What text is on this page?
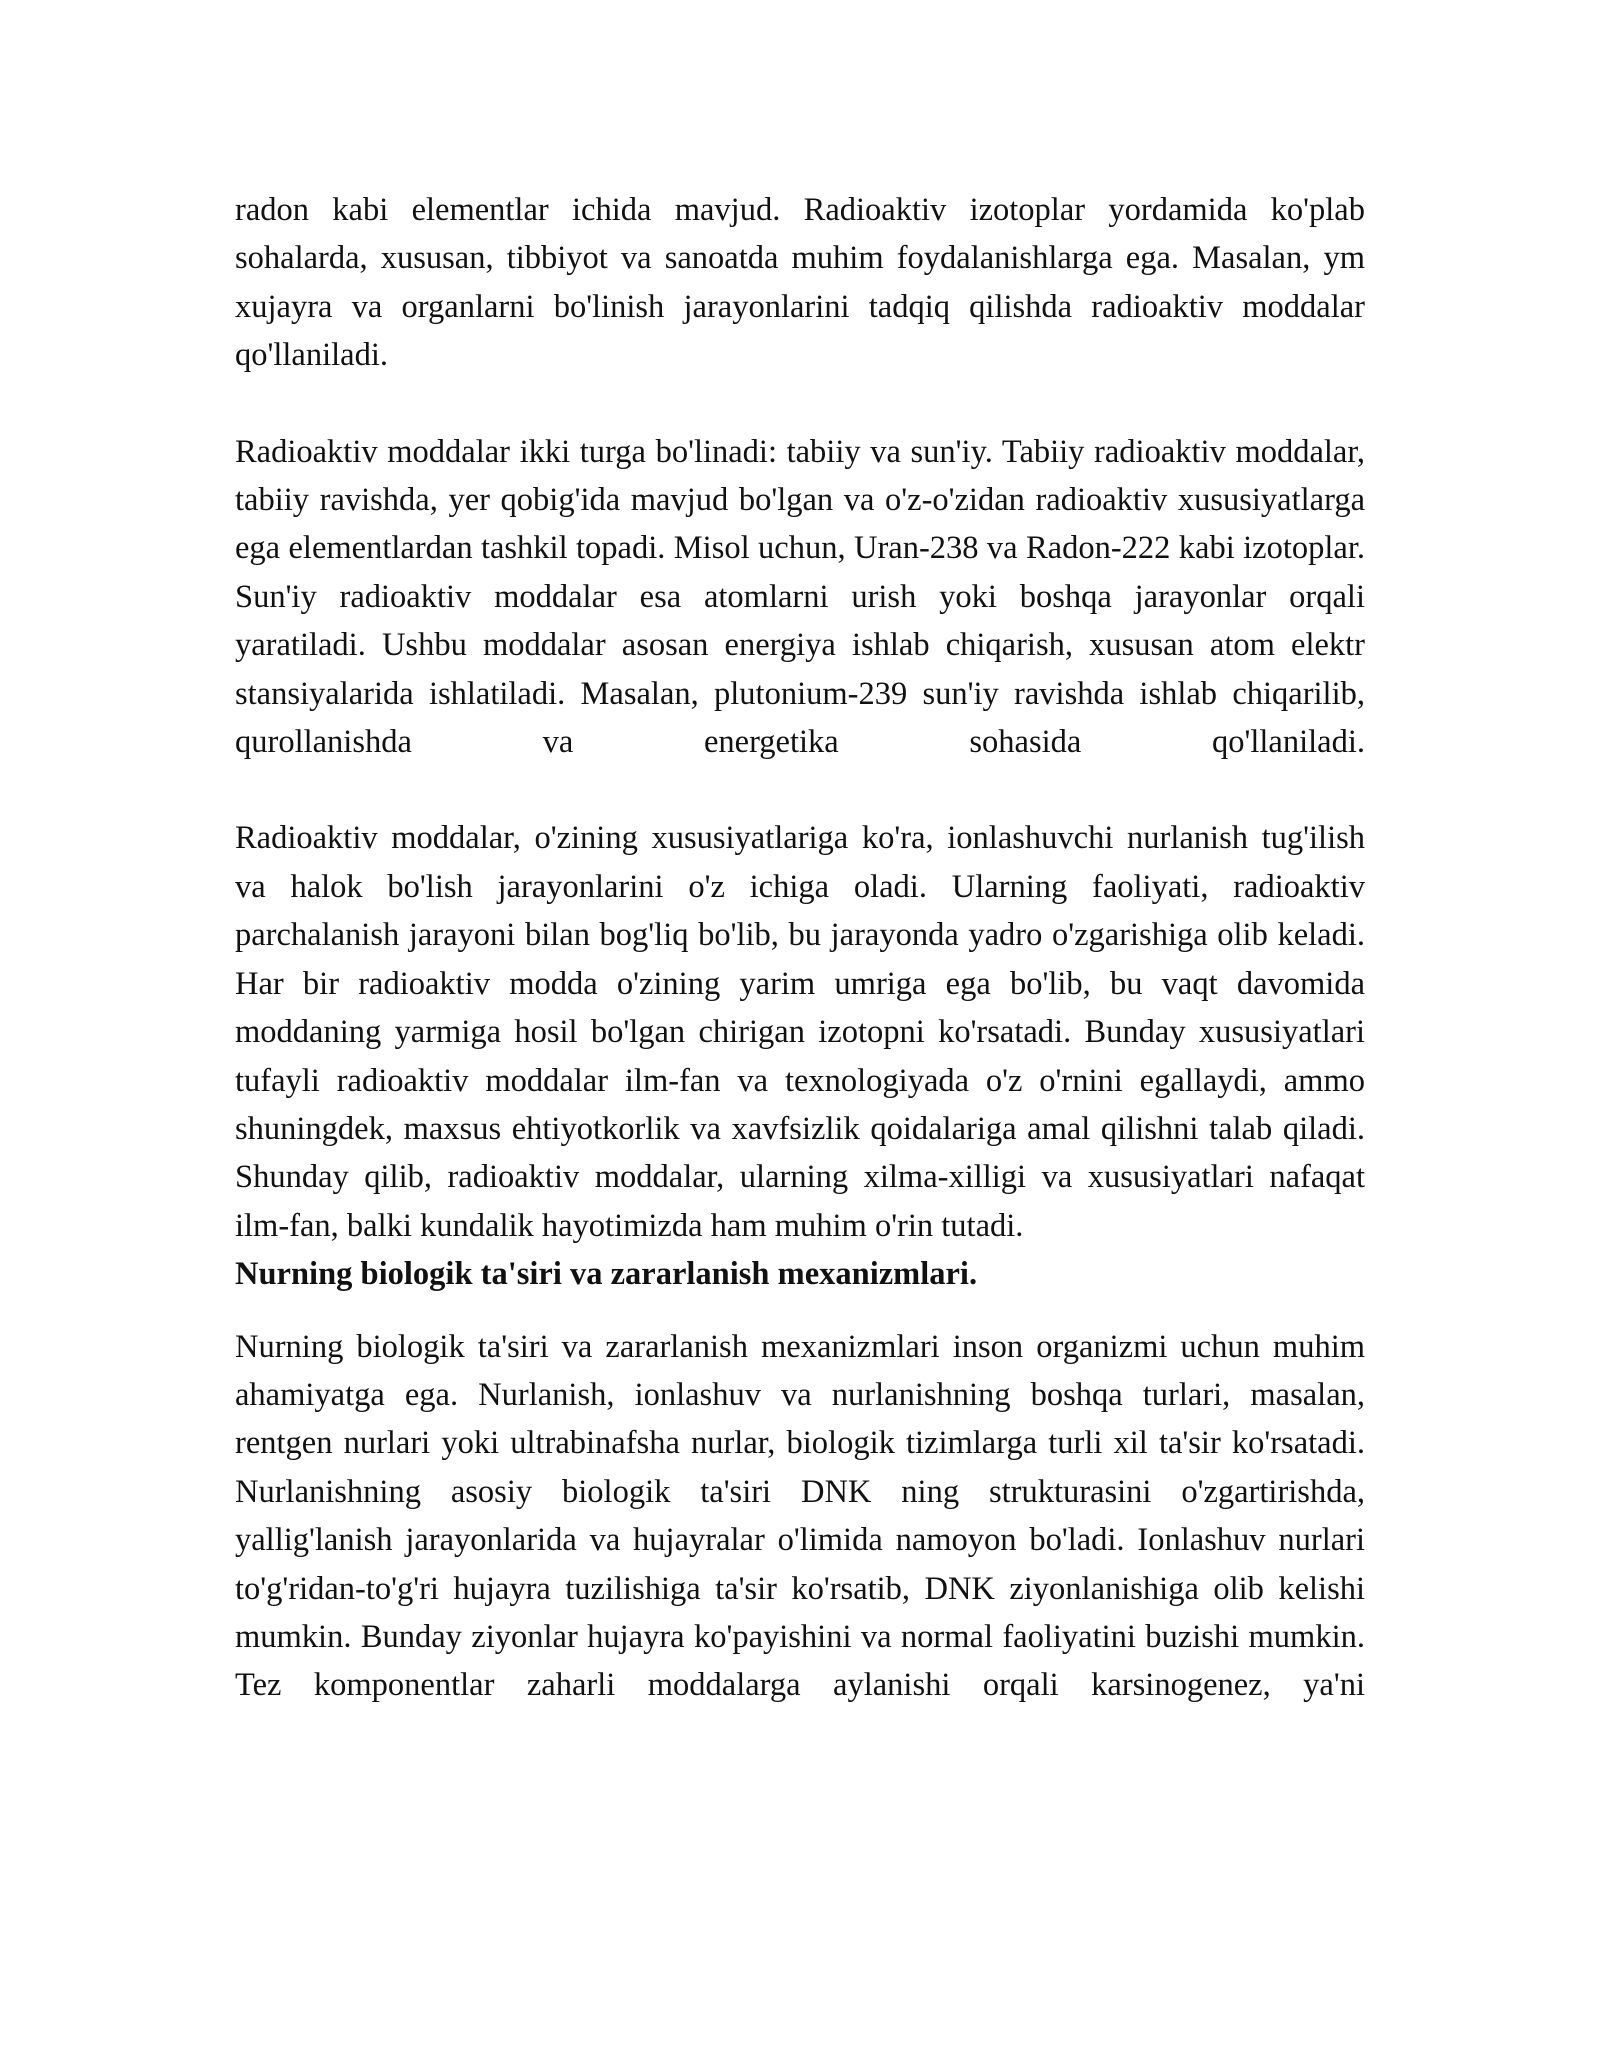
radon kabi elementlar ichida mavjud. Radioaktiv izotoplar yordamida ko'plab sohalarda, xususan, tibbiyot va sanoatda muhim foydalanishlarga ega. Masalan, ym xujayra va organlarni bo'linish jarayonlarini tadqiq qilishda radioaktiv moddalar qo'llaniladi.

Radioaktiv moddalar ikki turga bo'linadi: tabiiy va sun'iy. Tabiiy radioaktiv moddalar, tabiiy ravishda, yer qobig'ida mavjud bo'lgan va o'z-o'zidan radioaktiv xususiyatlarga ega elementlardan tashkil topadi. Misol uchun, Uran-238 va Radon-222 kabi izotoplar. Sun'iy radioaktiv moddalar esa atomlarni urish yoki boshqa jarayonlar orqali yaratiladi. Ushbu moddalar asosan energiya ishlab chiqarish, xususan atom elektr stansiyalarida ishlatiladi. Masalan, plutonium-239 sun'iy ravishda ishlab chiqarilib, qurollanishda va energetika sohasida qo'llaniladi.

Radioaktiv moddalar, o'zining xususiyatlariga ko'ra, ionlashuvchi nurlanish tug'ilish va halok bo'lish jarayonlarini o'z ichiga oladi. Ularning faoliyati, radioaktiv parchalanish jarayoni bilan bog'liq bo'lib, bu jarayonda yadro o'zgarishiga olib keladi. Har bir radioaktiv modda o'zining yarim umriga ega bo'lib, bu vaqt davomida moddaning yarmiga hosil bo'lgan chirigan izotopni ko'rsatadi. Bunday xususiyatlari tufayli radioaktiv moddalar ilm-fan va texnologiyada o'z o'rnini egallaydi, ammo shuningdek, maxsus ehtiyotkorlik va xavfsizlik qoidalariga amal qilishni talab qiladi. Shunday qilib, radioaktiv moddalar, ularning xilma-xilligi va xususiyatlari nafaqat ilm-fan, balki kundalik hayotimizda ham muhim o'rin tutadi.

Nurning biologik ta'siri va zararlanish mexanizmlari.

Nurning biologik ta'siri va zararlanish mexanizmlari inson organizmi uchun muhim ahamiyatga ega. Nurlanish, ionlashuv va nurlanishning boshqa turlari, masalan, rentgen nurlari yoki ultrabinafsha nurlar, biologik tizimlarga turli xil ta'sir ko'rsatadi. Nurlanishning asosiy biologik ta'siri DNK ning strukturasini o'zgartirishda, yallig'lanish jarayonlarida va hujayralar o'limida namoyon bo'ladi. Ionlashuv nurlari to'g'ridan-to'g'ri hujayra tuzilishiga ta'sir ko'rsatib, DNK ziyonlanishiga olib kelishi mumkin. Bunday ziyonlar hujayra ko'payishini va normal faoliyatini buzishi mumkin. Tez komponentlar zaharli moddalarga aylanishi orqali karsinogenez, ya'ni
